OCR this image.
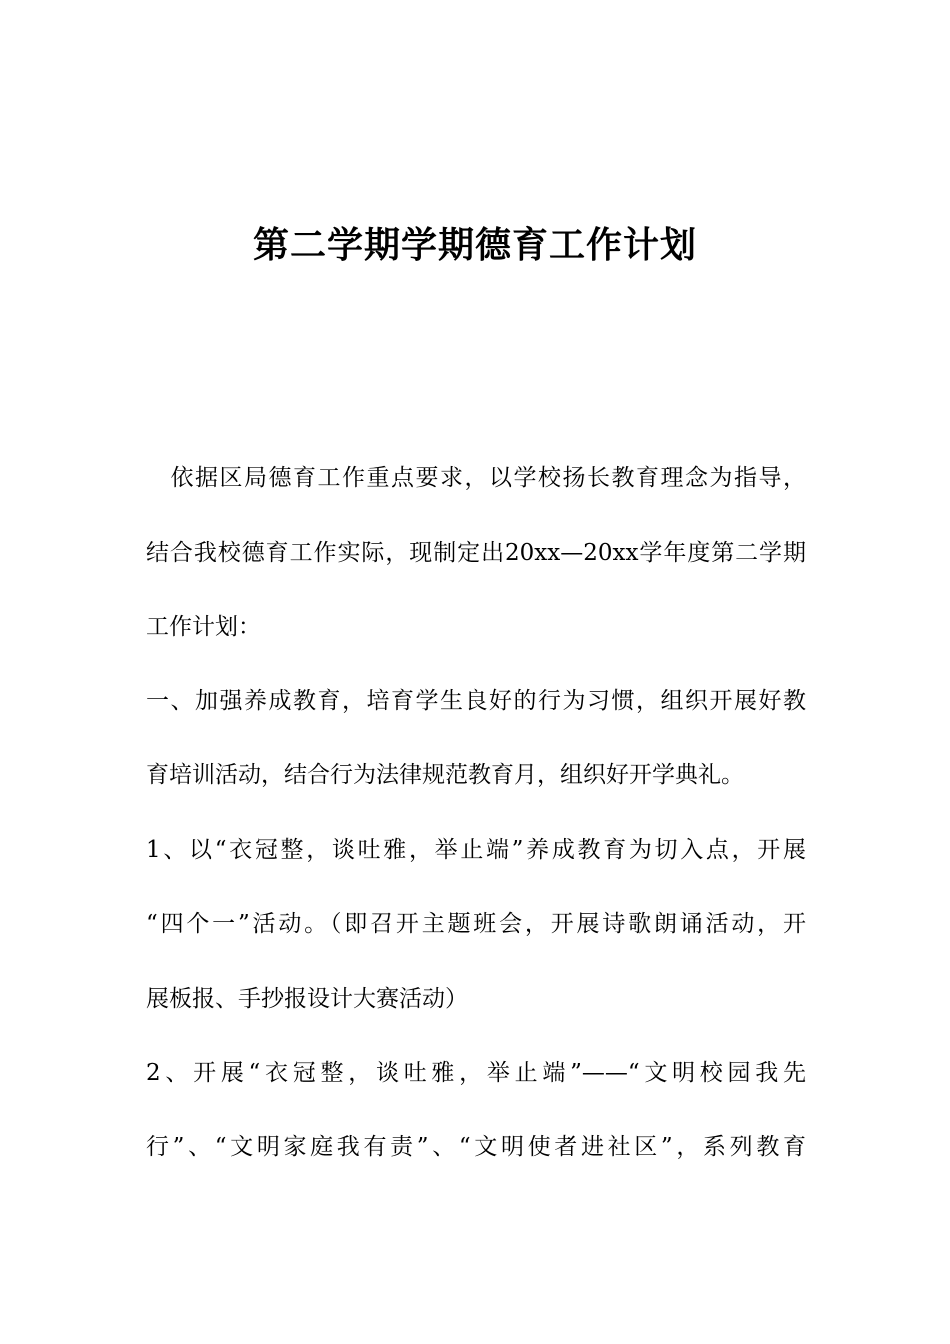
第二学期学期德育工作计划
　依据区局德育工作重点要求，以学校扬长教育理念为指导，
结合我校德育工作实际，现制定出20xx—20xx学年度第二学期
工作计划：
一、加强养成教育，培育学生良好的行为习惯，组织开展好教
育培训活动，结合行为法律规范教育月，组织好开学典礼。
1、以“衣冠整，谈吐雅，举止端”养成教育为切入点，开展
“四个一”活动。（即召开主题班会，开展诗歌朗诵活动，开
展板报、手抄报设计大赛活动）
2、开展“衣冠整，谈吐雅，举止端”——“文明校园我先
行”、“文明家庭我有责”、“文明使者进社区”，系列教育
